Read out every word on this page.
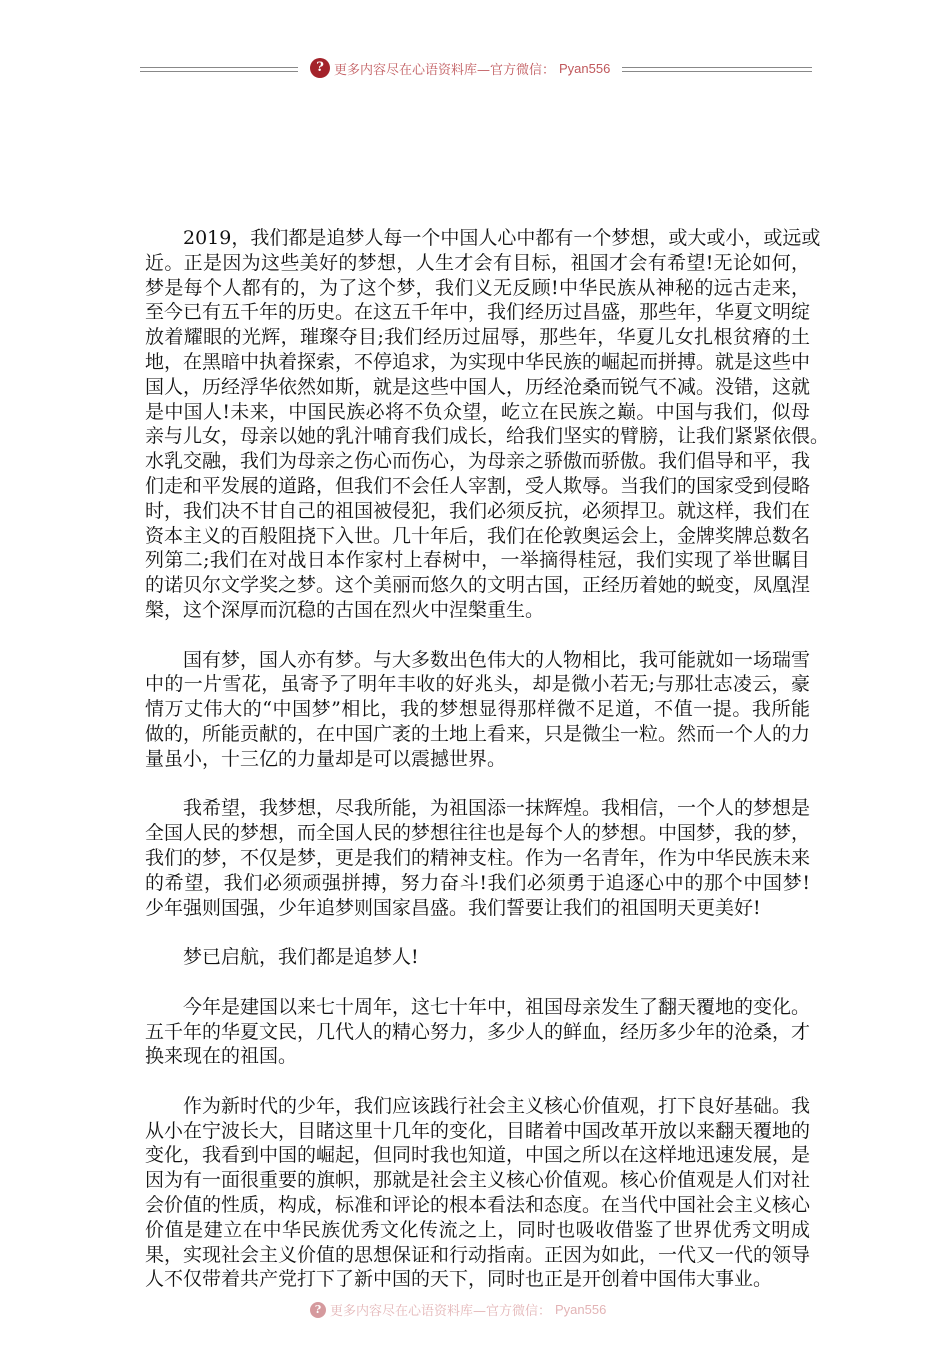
? 更多内容尽在心语资料库—官方微信： Pyan556
2019，我们都是追梦人每一个中国人心中都有一个梦想，或大或小，或远或
近。正是因为这些美好的梦想，人生才会有目标，祖国才会有希望!无论如何，
梦是每个人都有的，为了这个梦，我们义无反顾!中华民族从神秘的远古走来，
至今已有五千年的历史。在这五千年中，我们经历过昌盛，那些年，华夏文明绽
放着耀眼的光辉，璀璨夺目;我们经历过屈辱，那些年，华夏儿女扎根贫瘠的土
地，在黑暗中执着探索，不停追求，为实现中华民族的崛起而拼搏。就是这些中
国人，历经浮华依然如斯，就是这些中国人，历经沧桑而锐气不减。没错，这就
是中国人!未来，中国民族必将不负众望，屹立在民族之巅。中国与我们，似母
亲与儿女，母亲以她的乳汁哺育我们成长，给我们坚实的臂膀，让我们紧紧依偎。
水乳交融，我们为母亲之伤心而伤心，为母亲之骄傲而骄傲。我们倡导和平，我
们走和平发展的道路，但我们不会任人宰割，受人欺辱。当我们的国家受到侵略
时，我们决不甘自己的祖国被侵犯，我们必须反抗，必须捍卫。就这样，我们在
资本主义的百般阻挠下入世。几十年后，我们在伦敦奥运会上，金牌奖牌总数名
列第二;我们在对战日本作家村上春树中，一举摘得桂冠，我们实现了举世瞩目
的诺贝尔文学奖之梦。这个美丽而悠久的文明古国，正经历着她的蜕变，凤凰涅
槃，这个深厚而沉稳的古国在烈火中涅槃重生。
国有梦，国人亦有梦。与大多数出色伟大的人物相比，我可能就如一场瑞雪
中的一片雪花，虽寄予了明年丰收的好兆头，却是微小若无;与那壮志凌云，豪
情万丈伟大的“中国梦”相比，我的梦想显得那样微不足道，不值一提。我所能
做的，所能贡献的，在中国广袤的土地上看来，只是微尘一粒。然而一个人的力
量虽小，十三亿的力量却是可以震撼世界。
我希望，我梦想，尽我所能，为祖国添一抹辉煌。我相信，一个人的梦想是
全国人民的梦想，而全国人民的梦想往往也是每个人的梦想。中国梦，我的梦，
我们的梦，不仅是梦，更是我们的精神支柱。作为一名青年，作为中华民族未来
的希望，我们必须顽强拼搏，努力奋斗!我们必须勇于追逐心中的那个中国梦!
少年强则国强，少年追梦则国家昌盛。我们誓要让我们的祖国明天更美好!
梦已启航，我们都是追梦人!
今年是建国以来七十周年，这七十年中，祖国母亲发生了翻天覆地的变化。
五千年的华夏文民，几代人的精心努力，多少人的鲜血，经历多少年的沧桑，才
换来现在的祖国。
作为新时代的少年，我们应该践行社会主义核心价值观，打下良好基础。我
从小在宁波长大，目睹这里十几年的变化，目睹着中国改革开放以来翻天覆地的
变化，我看到中国的崛起，但同时我也知道，中国之所以在这样地迅速发展，是
因为有一面很重要的旗帜，那就是社会主义核心价值观。核心价值观是人们对社
会价值的性质，构成，标准和评论的根本看法和态度。在当代中国社会主义核心
价值是建立在中华民族优秀文化传流之上，同时也吸收借鉴了世界优秀文明成
果，实现社会主义价值的思想保证和行动指南。正因为如此，一代又一代的领导
人不仅带着共产党打下了新中国的天下，同时也正是开创着中国伟大事业。
? 更多内容尽在心语资料库—官方微信： Pyan556
